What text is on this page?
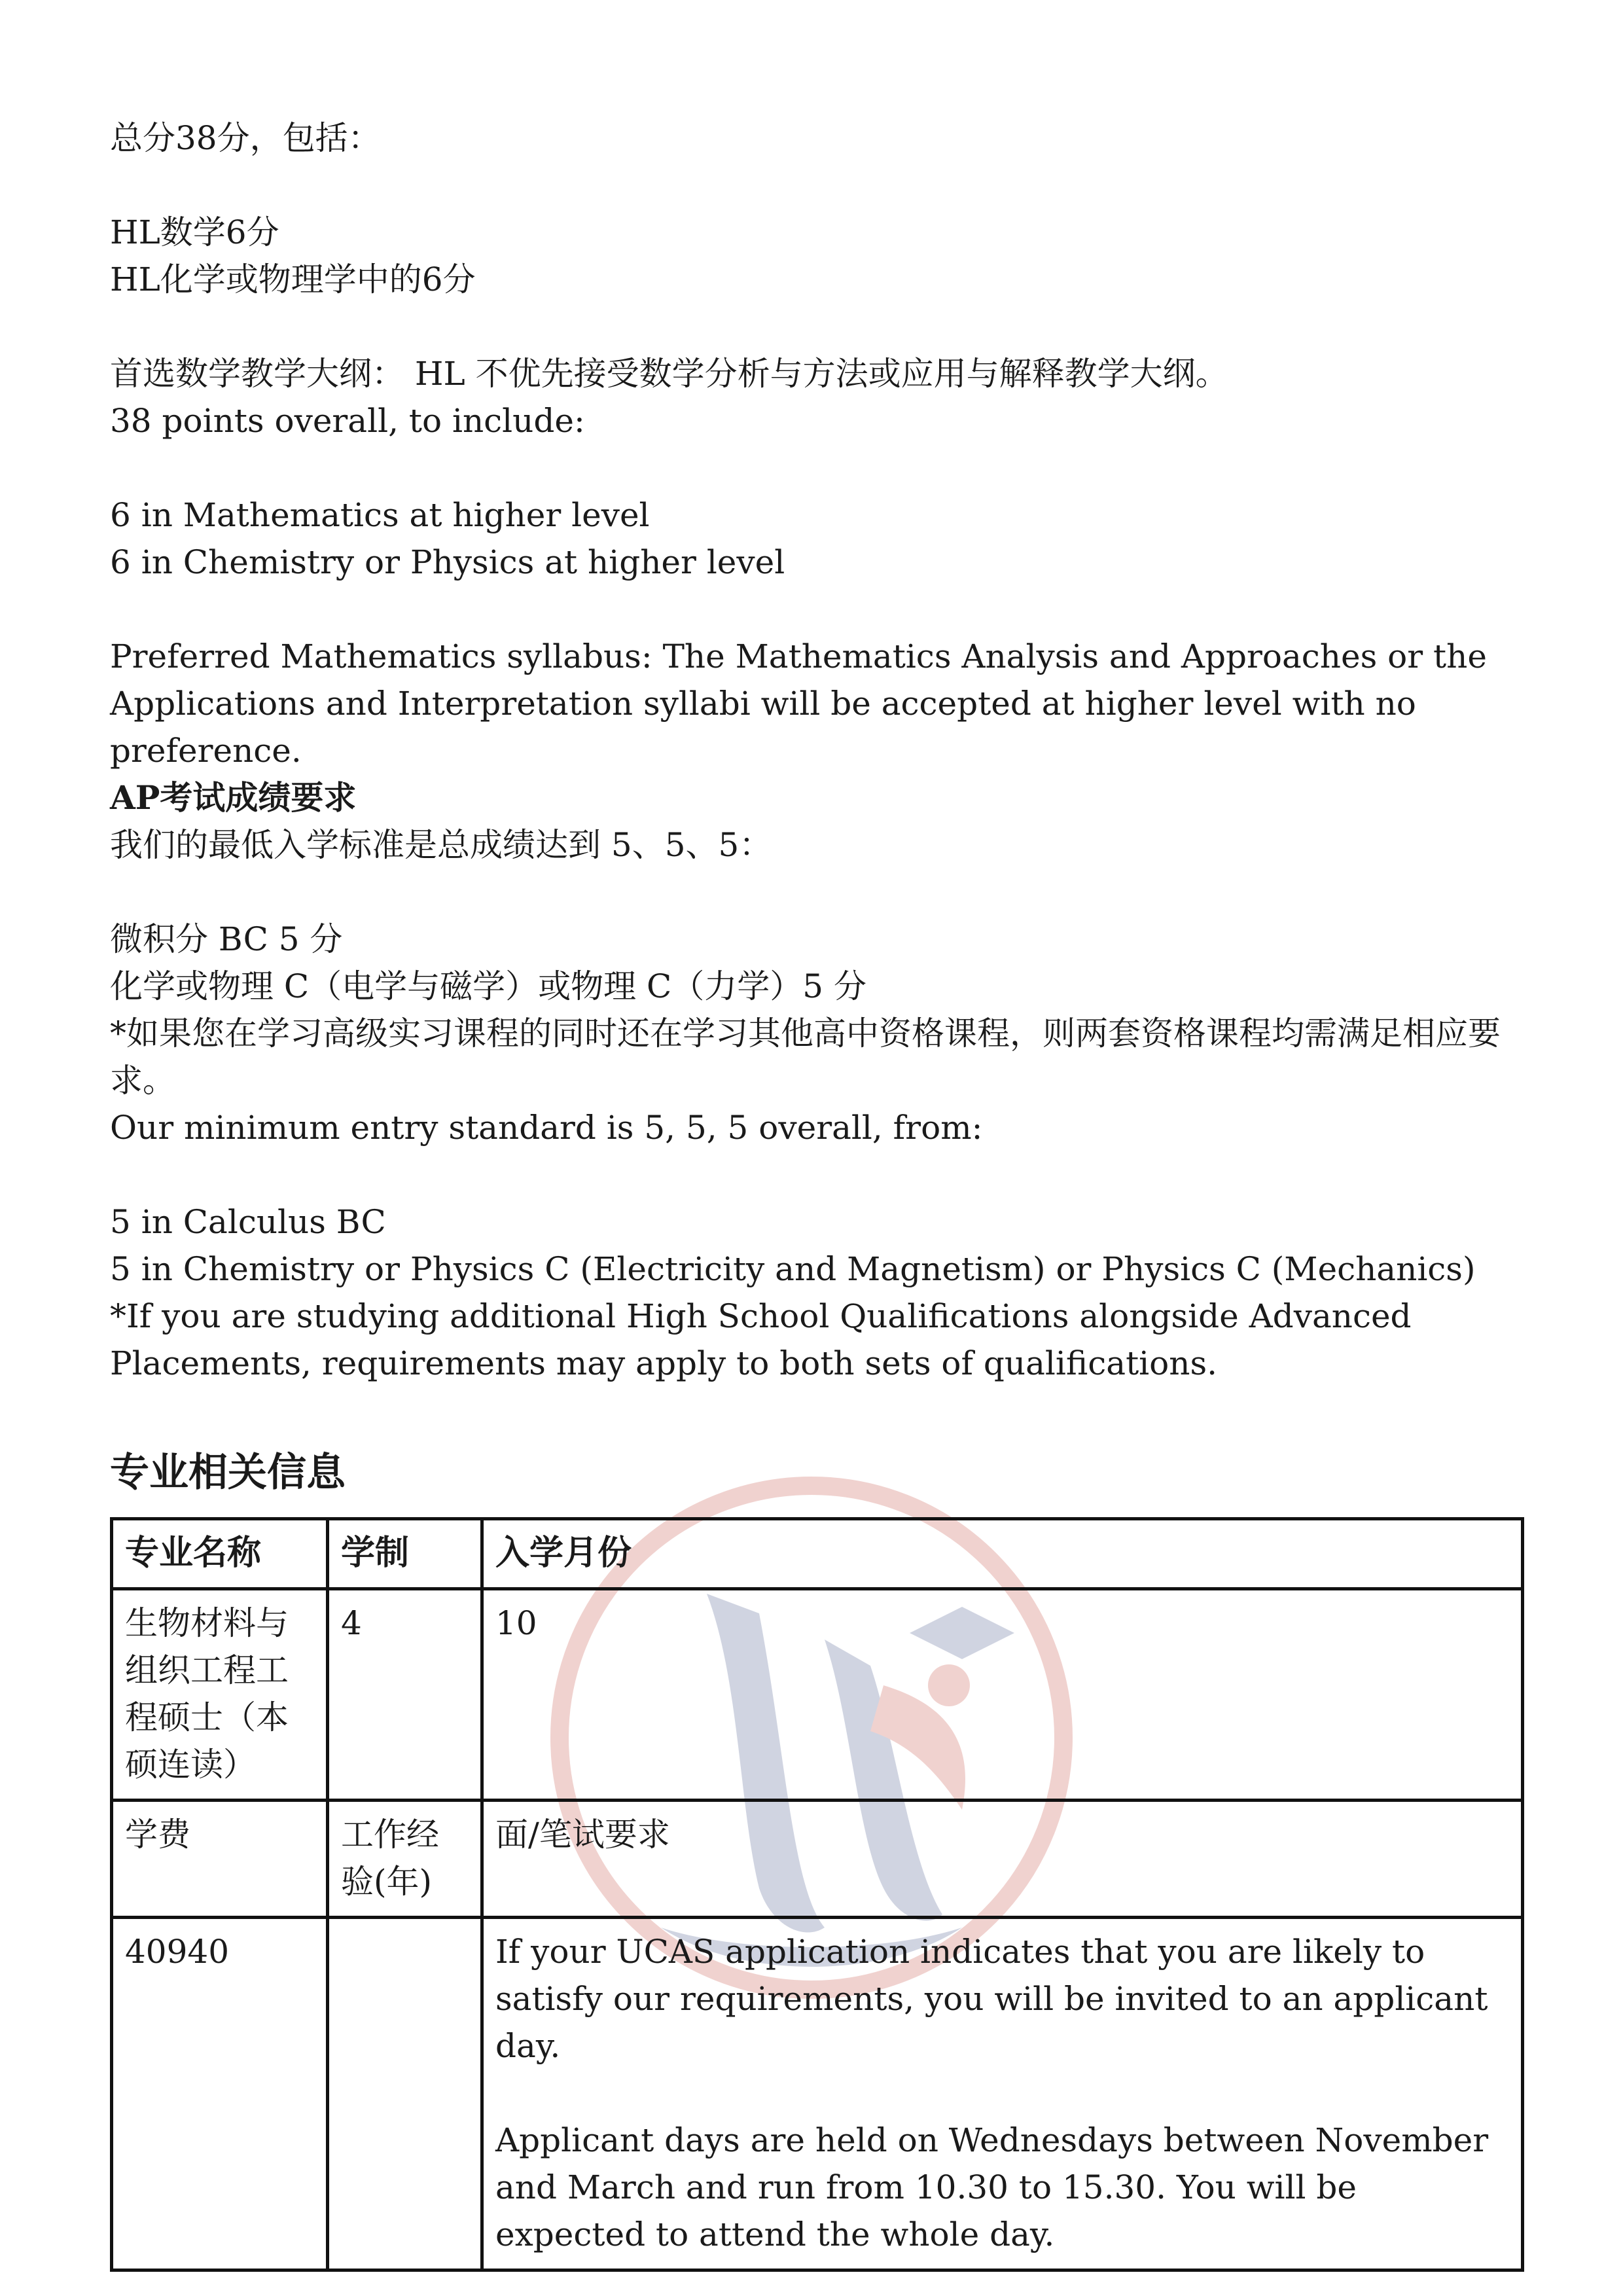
总分38分，包括：

HL数学6分

HL化学或物理学中的6分

首选数学教学大纲： HL 不优先接受数学分析与方法或应用与解释教学大纲。

38 points overall, to include:

6 in Mathematics at higher level

6 in Chemistry or Physics at higher level

Preferred Mathematics syllabus: The Mathematics Analysis and Approaches or the Applications and Interpretation syllabi will be accepted at higher level with no preference.

AP考试成绩要求

我们的最低入学标准是总成绩达到 5、5、5：

微积分 BC 5 分

化学或物理 C（电学与磁学）或物理 C（力学）5 分

*如果您在学习高级实习课程的同时还在学习其他高中资格课程，则两套资格课程均需满足相应要求。

Our minimum entry standard is 5, 5, 5 overall, from:

5 in Calculus BC

5 in Chemistry or Physics C (Electricity and Magnetism) or Physics C (Mechanics)

*If you are studying additional High School Qualifications alongside Advanced Placements, requirements may apply to both sets of qualifications.

专业相关信息
专业名称	学制	入学月份
生物材料与组织工程工程硕士（本硕连读）	4	10
学费	工作经验(年)	面/笔试要求
40940		If your UCAS application indicates that you are likely to satisfy our requirements, you will be invited to an applicant day.
Applicant days are held on Wednesdays between November and March and run from 10.30 to 15.30. You will be expected to attend the whole day.
